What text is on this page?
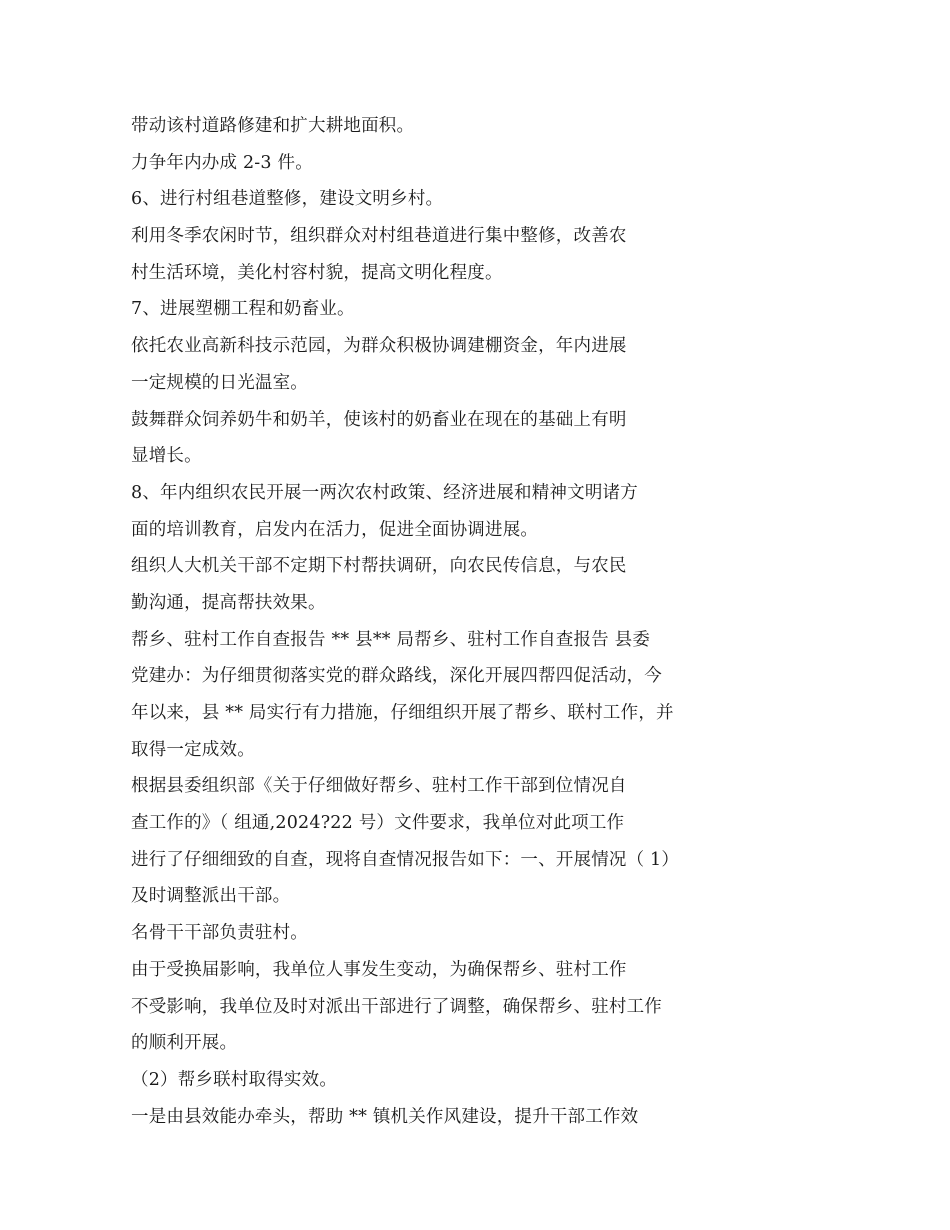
带动该村道路修建和扩大耕地面积。
力争年内办成 2-3 件。
6、进行村组巷道整修，建设文明乡村。
利用冬季农闲时节，组织群众对村组巷道进行集中整修，改善农
村生活环境，美化村容村貌，提高文明化程度。
7、进展塑棚工程和奶畜业。
依托农业高新科技示范园，为群众积极协调建棚资金，年内进展
一定规模的日光温室。
鼓舞群众饲养奶牛和奶羊，使该村的奶畜业在现在的基础上有明
显增长。
8、年内组织农民开展一两次农村政策、经济进展和精神文明诸方
面的培训教育，启发内在活力，促进全面协调进展。
组织人大机关干部不定期下村帮扶调研，向农民传信息，与农民
勤沟通，提高帮扶效果。
帮乡、驻村工作自查报告 ** 县** 局帮乡、驻村工作自查报告 县委
党建办：为仔细贯彻落实党的群众路线，深化开展四帮四促活动，今
年以来，县 ** 局实行有力措施，仔细组织开展了帮乡、联村工作，并
取得一定成效。
根据县委组织部《关于仔细做好帮乡、驻村工作干部到位情况自
查工作的》（ 组通,2024?22 号）文件要求，我单位对此项工作
进行了仔细细致的自查，现将自查情况报告如下：一、开展情况（ 1）
及时调整派出干部。
名骨干干部负责驻村。
由于受换届影响，我单位人事发生变动，为确保帮乡、驻村工作
不受影响，我单位及时对派出干部进行了调整，确保帮乡、驻村工作
的顺利开展。
（2）帮乡联村取得实效。
一是由县效能办牵头，帮助 ** 镇机关作风建设，提升干部工作效
